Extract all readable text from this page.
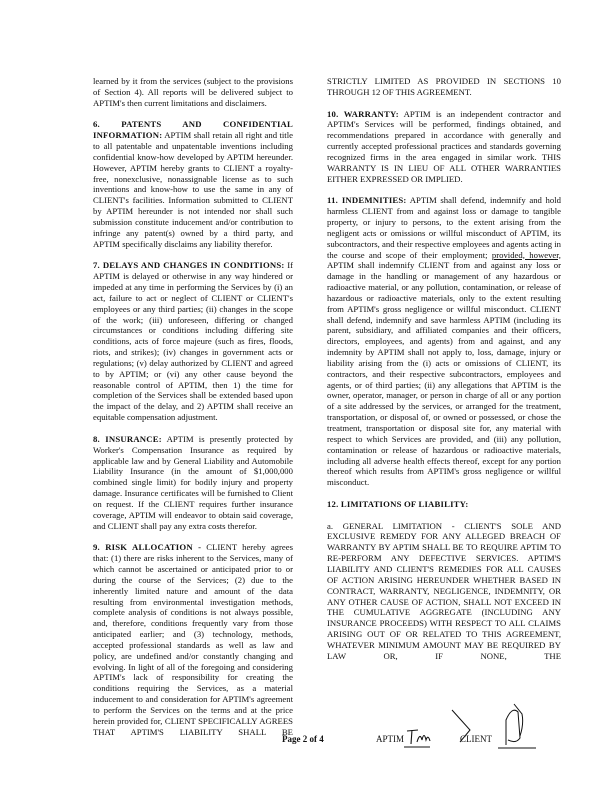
learned by it from the services (subject to the provisions of Section 4). All reports will be delivered subject to APTIM's then current limitations and disclaimers.

6. PATENTS AND CONFIDENTIAL INFORMATION: APTIM shall retain all right and title to all patentable and unpatentable inventions including confidential know-how developed by APTIM hereunder. However, APTIM hereby grants to CLIENT a royalty-free, nonexclusive, nonassignable license as to such inventions and know-how to use the same in any of CLIENT's facilities. Information submitted to CLIENT by APTIM hereunder is not intended nor shall such submission constitute inducement and/or contribution to infringe any patent(s) owned by a third party, and APTIM specifically disclaims any liability therefor.

7. DELAYS AND CHANGES IN CONDITIONS: If APTIM is delayed or otherwise in any way hindered or impeded at any time in performing the Services by (i) an act, failure to act or neglect of CLIENT or CLIENT's employees or any third parties; (ii) changes in the scope of the work; (iii) unforeseen, differing or changed circumstances or conditions including differing site conditions, acts of force majeure (such as fires, floods, riots, and strikes); (iv) changes in government acts or regulations; (v) delay authorized by CLIENT and agreed to by APTIM; or (vi) any other cause beyond the reasonable control of APTIM, then 1) the time for completion of the Services shall be extended based upon the impact of the delay, and 2) APTIM shall receive an equitable compensation adjustment.

8. INSURANCE: APTIM is presently protected by Worker's Compensation Insurance as required by applicable law and by General Liability and Automobile Liability Insurance (in the amount of $1,000,000 combined single limit) for bodily injury and property damage. Insurance certificates will be furnished to Client on request. If the CLIENT requires further insurance coverage, APTIM will endeavor to obtain said coverage, and CLIENT shall pay any extra costs therefor.

9. RISK ALLOCATION - CLIENT hereby agrees that: (1) there are risks inherent to the Services, many of which cannot be ascertained or anticipated prior to or during the course of the Services; (2) due to the inherently limited nature and amount of the data resulting from environmental investigation methods, complete analysis of conditions is not always possible, and, therefore, conditions frequently vary from those anticipated earlier; and (3) technology, methods, accepted professional standards as well as law and policy, are undefined and/or constantly changing and evolving. In light of all of the foregoing and considering APTIM's lack of responsibility for creating the conditions requiring the Services, as a material inducement to and consideration for APTIM's agreement to perform the Services on the terms and at the price herein provided for, CLIENT SPECIFICALLY AGREES THAT APTIM'S LIABILITY SHALL BE

STRICTLY LIMITED AS PROVIDED IN SECTIONS 10 THROUGH 12 OF THIS AGREEMENT.

10. WARRANTY: APTIM is an independent contractor and APTIM's Services will be performed, findings obtained, and recommendations prepared in accordance with generally and currently accepted professional practices and standards governing recognized firms in the area engaged in similar work. THIS WARRANTY IS IN LIEU OF ALL OTHER WARRANTIES EITHER EXPRESSED OR IMPLIED.

11. INDEMNITIES: APTIM shall defend, indemnify and hold harmless CLIENT from and against loss or damage to tangible property, or injury to persons, to the extent arising from the negligent acts or omissions or willful misconduct of APTIM, its subcontractors, and their respective employees and agents acting in the course and scope of their employment; provided, however, APTIM shall indemnify CLIENT from and against any loss or damage in the handling or management of any hazardous or radioactive material, or any pollution, contamination, or release of hazardous or radioactive materials, only to the extent resulting from APTIM's gross negligence or willful misconduct. CLIENT shall defend, indemnify and save harmless APTIM (including its parent, subsidiary, and affiliated companies and their officers, directors, employees, and agents) from and against, and any indemnity by APTIM shall not apply to, loss, damage, injury or liability arising from the (i) acts or omissions of CLIENT, its contractors, and their respective subcontractors, employees and agents, or of third parties; (ii) any allegations that APTIM is the owner, operator, manager, or person in charge of all or any portion of a site addressed by the services, or arranged for the treatment, transportation, or disposal of, or owned or possessed, or chose the treatment, transportation or disposal site for, any material with respect to which Services are provided, and (iii) any pollution, contamination or release of hazardous or radioactive materials, including all adverse health effects thereof, except for any portion thereof which results from APTIM's gross negligence or willful misconduct.

12. LIMITATIONS OF LIABILITY:

a. GENERAL LIMITATION - CLIENT'S SOLE AND EXCLUSIVE REMEDY FOR ANY ALLEGED BREACH OF WARRANTY BY APTIM SHALL BE TO REQUIRE APTIM TO RE-PERFORM ANY DEFECTIVE SERVICES. APTIM'S LIABILITY AND CLIENT'S REMEDIES FOR ALL CAUSES OF ACTION ARISING HEREUNDER WHETHER BASED IN CONTRACT, WARRANTY, NEGLIGENCE, INDEMNITY, OR ANY OTHER CAUSE OF ACTION, SHALL NOT EXCEED IN THE CUMULATIVE AGGREGATE (INCLUDING ANY INSURANCE PROCEEDS) WITH RESPECT TO ALL CLAIMS ARISING OUT OF OR RELATED TO THIS AGREEMENT, WHATEVER MINIMUM AMOUNT MAY BE REQUIRED BY LAW OR, IF NONE, THE

Page 2 of 4	APTIM	CLIENT
